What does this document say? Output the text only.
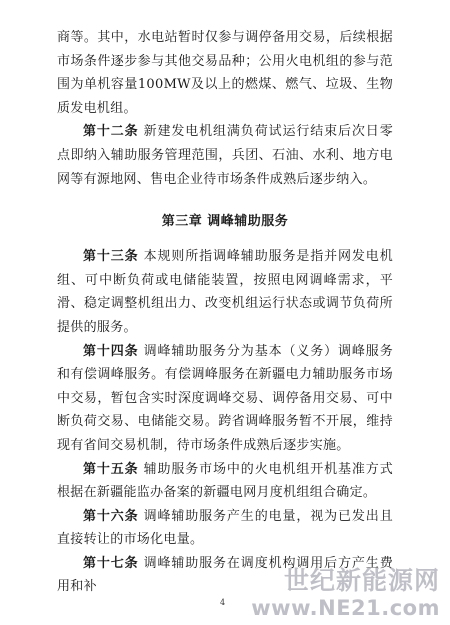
商等。其中，水电站暂时仅参与调停备用交易，后续根据市场条件逐步参与其他交易品种；公用火电机组的参与范围为单机容量100MW及以上的燃煤、燃气、垃圾、生物质发电机组。

第十二条 新建发电机组满负荷试运行结束后次日零点即纳入辅助服务管理范围，兵团、石油、水利、地方电网等有源地网、售电企业待市场条件成熟后逐步纳入。

第三章 调峰辅助服务

第十三条 本规则所指调峰辅助服务是指并网发电机组、可中断负荷或电储能装置，按照电网调峰需求，平滑、稳定调整机组出力、改变机组运行状态或调节负荷所提供的服务。

第十四条 调峰辅助服务分为基本（义务）调峰服务和有偿调峰服务。有偿调峰服务在新疆电力辅助服务市场中交易，暂包含实时深度调峰交易、调停备用交易、可中断负荷交易、电储能交易。跨省调峰服务暂不开展，维持现有省间交易机制，待市场条件成熟后逐步实施。

第十五条 辅助服务市场中的火电机组开机基准方式根据在新疆能监办备案的新疆电网月度机组组合确定。

第十六条 调峰辅助服务产生的电量，视为已发出且直接转让的市场化电量。

第十七条 调峰辅助服务在调度机构调用后方产生费用和补

4
世纪新能源网
www.NE21.com
